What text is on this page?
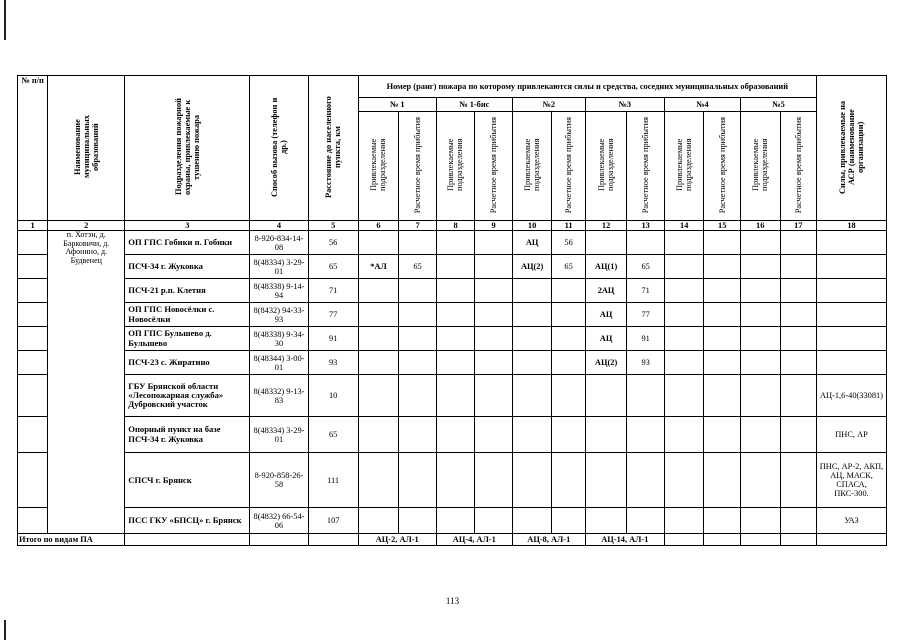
№ п/п	Наименование муниципальных образований	Подразделения пожарной охраны, привлекаемые к тушению пожара	Способ вызова (телефон и др.)	Расстояние до населенного пункта, км	Номер (ранг) пожара по которому привлекаются силы и средства, соседних муниципальных образований												Силы, привлекаемые на АСР (наименование организации)
					№ 1		№ 1-бис		№2		№3		№4		№5		
					Привлекаемые подразделения	Расчетное время прибытия	Привлекаемые подразделения	Расчетное время прибытия	Привлекаемые подразделения	Расчетное время прибытия	Привлекаемые подразделения	Расчетное время прибытия	Привлекаемые подразделения	Расчетное время прибытия	Привлекаемые подразделения	Расчетное время прибытия	
1	2	3	4	5	6	7	8	9	10	11	12	13	14	15	16	17	18
	п. Хотэн, д. Барковичи, д. Афонино, д. Будвенец	ОП ГПС Гобики п. Гобики	8-920-834-14-08	56					АЦ	56							
		ПСЧ-34 г. Жуковка	8(48334) 3-29-01	65	*АЛ	65			АЦ(2)	65	АЦ(1)	65					
		ПСЧ-21 р.п. Клетня	8(48338) 9-14-94	71							2АЦ	71					
		ОП ГПС Новосёлки с. Новосёлки	8(8432) 94-33-93	77							АЦ	77					
		ОП ГПС Бульшево д. Бульшево	8(48338) 9-34-30	91							АЦ	91					
		ПСЧ-23 с. Жиратино	8(48344) 3-00-01	93							АЦ(2)	93					
		ГБУ Брянской области «Лесопожарная служба» Дубровский участок	8(48332) 9-13-83	10													АЦ-1,6-40(33081)
		Опорный пункт на базе ПСЧ-34 г. Жуковка	8(48334) 3-29-01	65													ПНС, АР
		СПСЧ г. Брянск	8-920-858-26-58	111													ПНС, АР-2, АКП, АЦ, МАСК, СПАСА, ПКС-300.
		ПСС ГКУ «БПСЦ» г. Брянск	8(4832) 66-54-06	107													УАЗ
Итого по видам ПА					АЦ-2, АЛ-1		АЦ-4, АЛ-1		АЦ-8, АЛ-1		АЦ-14, АЛ-1						
113
